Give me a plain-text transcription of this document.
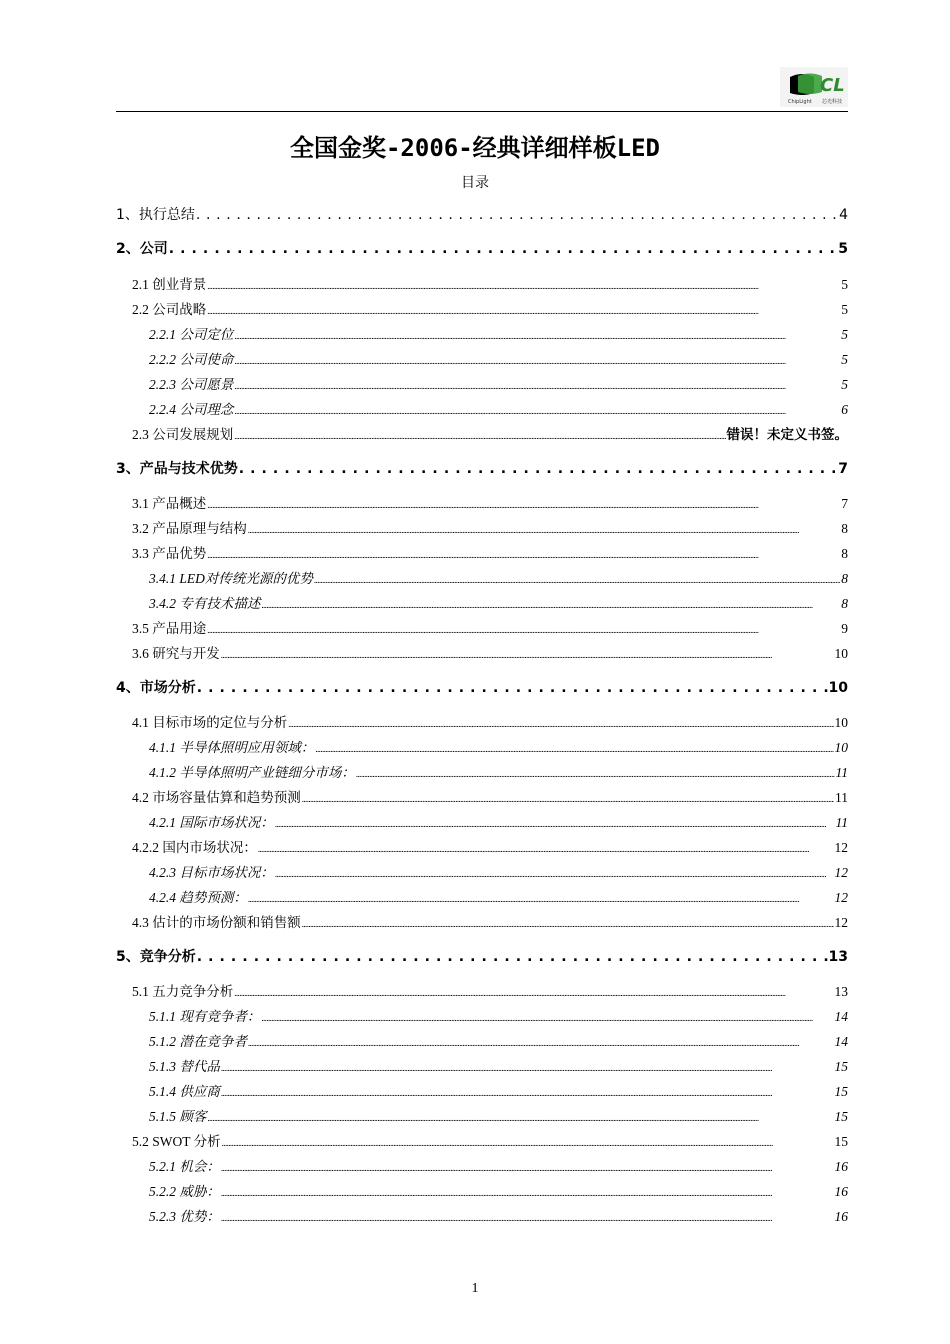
CL
ChipLight 芯光科技
全国金奖-2006-经典详细样板LED
目录
1、执行总结 . . .	4
2、公司 . . .	5
2.1 创业背景 .....	5
2.2 公司战略 .....	5
2.2.1 公司定位 .....	5
2.2.2 公司使命 .....	5
2.2.3 公司愿景 .....	5
2.2.4 公司理念 .....	6
2.3 公司发展规划 .....	错误！未定义书签。
3、产品与技术优势 . . .	7
3.1 产品概述 .....	7
3.2 产品原理与结构 .....	8
3.3 产品优势 .....	8
3.4.1 LED对传统光源的优势 .....	8
3.4.2 专有技术描述 .....	8
3.5 产品用途 .....	9
3.6 研究与开发 .....	10
4、市场分析 . . .	10
4.1 目标市场的定位与分析 .....	10
4.1.1 半导体照明应用领域： .....	10
4.1.2 半导体照明产业链细分市场： .....	11
4.2 市场容量估算和趋势预测 .....	11
4.2.1 国际市场状况： .....	11
4.2.2 国内市场状况： .....	12
4.2.3 目标市场状况： .....	12
4.2.4 趋势预测： .....	12
4.3 估计的市场份额和销售额 .....	12
5、竞争分析 . . .	13
5.1 五力竞争分析 .....	13
5.1.1 现有竞争者： .....	14
5.1.2 潜在竞争者 .....	14
5.1.3 替代品 .....	15
5.1.4 供应商 .....	15
5.1.5 顾客 .....	15
5.2 SWOT 分析 .....	15
5.2.1 机会： .....	16
5.2.2 威胁： .....	16
5.2.3 优势： .....	16
1
